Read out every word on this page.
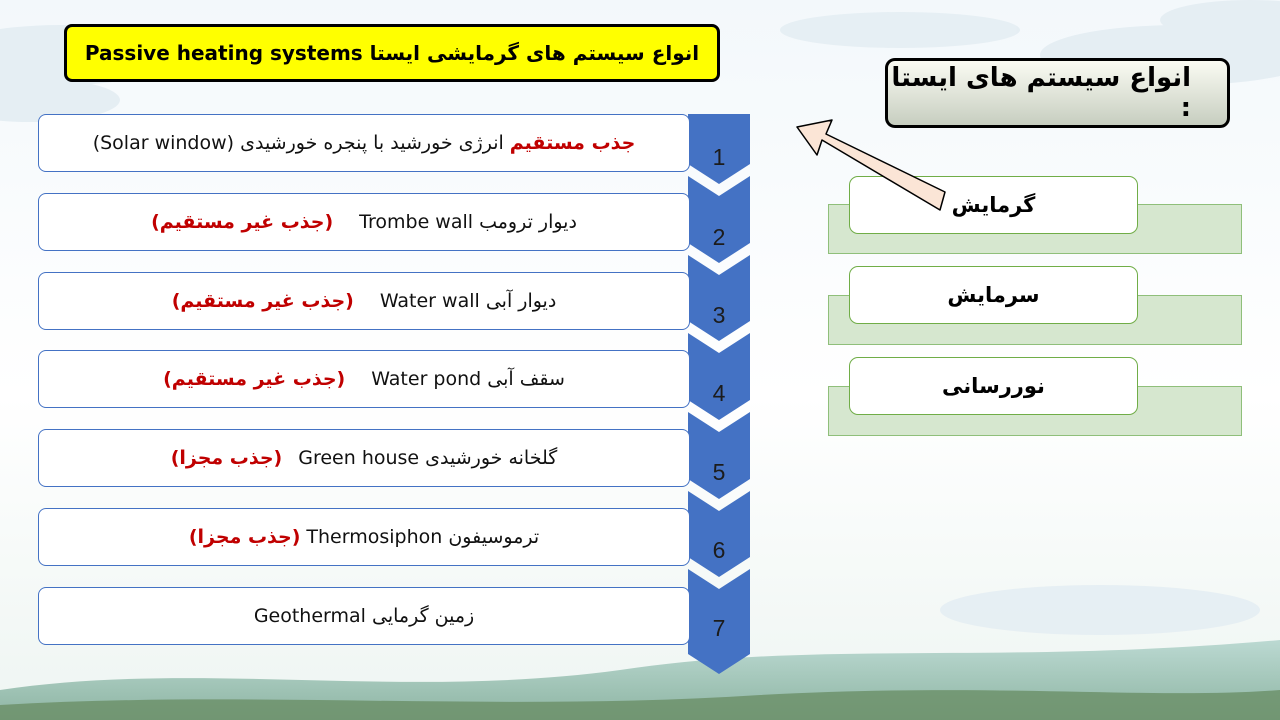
انواع سیستم های گرمایشی ایستا Passive heating systems
انواع سیستم های ایستا :
1
2
3
4
5
6
7
جذب مستقیم
انرژی خورشید با پنجره خورشیدی (Solar window)
دیوار ترومب Trombe wall
(جذب غیر مستقیم)
دیوار آبی Water wall
(جذب غیر مستقیم)
سقف آبی Water pond
(جذب غیر مستقیم)
گلخانه خورشیدی Green house
(جذب مجزا)
ترموسیفون Thermosiphon
(جذب مجزا)
زمین گرمایی Geothermal
گرمایش
سرمایش
نوررسانی
